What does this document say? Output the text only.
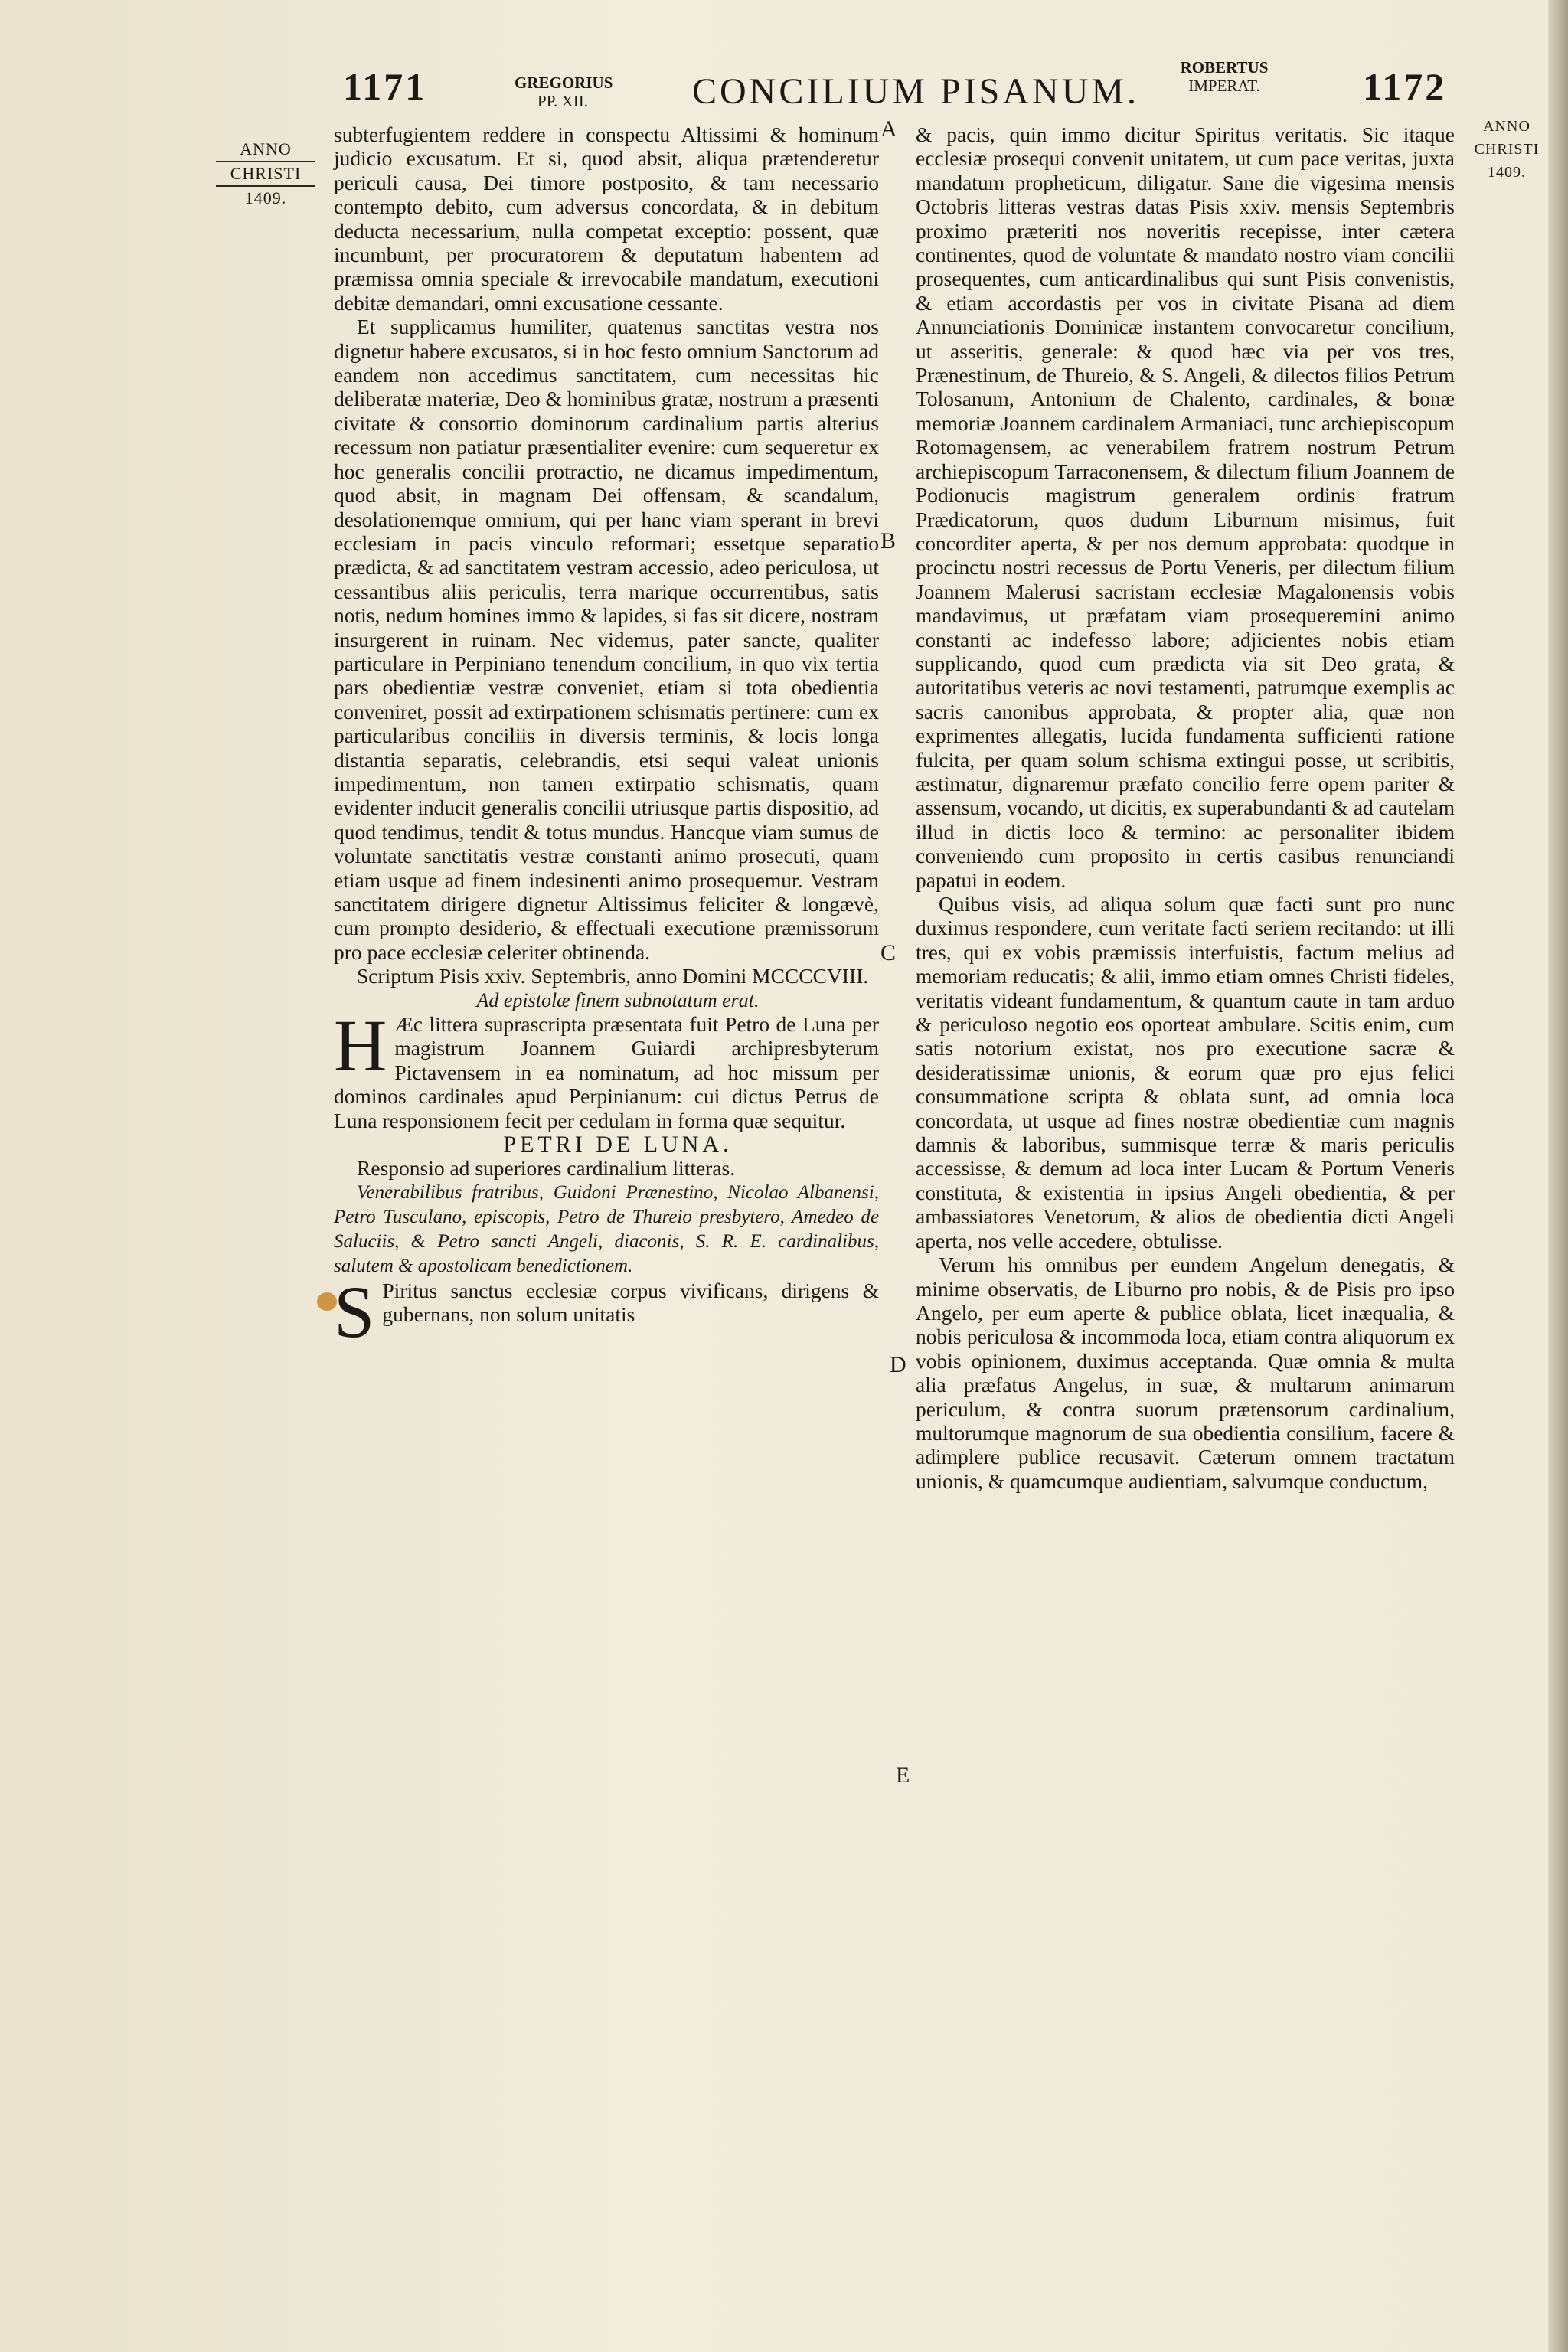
1171	GREGORIUS
PP. XII.	CONCILIUM PISANUM.
ROBERTUS
IMPERAT.	1172
ANNO
CHRISTI
1409.
ANNO
CHRISTI
1409.
A
B
C
D
E

subterfugientem reddere in conspectu Altissimi & hominum judicio excusatum. Et si, quod absit, aliqua prætenderetur periculi causa, Dei timore postposito, & tam necessario contempto debito, cum adversus concordata, & in debitum deducta necessarium, nulla competat exceptio: possent, quæ incumbunt, per procuratorem & deputatum habentem ad præmissa omnia speciale & irrevocabile mandatum, executioni debitæ demandari, omni excusatione cessante.

Et supplicamus humiliter, quatenus sanctitas vestra nos dignetur habere excusatos, si in hoc festo omnium Sanctorum ad eandem non accedimus sanctitatem, cum necessitas hic deliberatæ materiæ, Deo & hominibus gratæ, nostrum a præsenti civitate & consortio dominorum cardinalium partis alterius recessum non patiatur præsentialiter evenire: cum sequeretur ex hoc generalis concilii protractio, ne dicamus impedimentum, quod absit, in magnam Dei offensam, & scandalum, desolationemque omnium, qui per hanc viam sperant in brevi ecclesiam in pacis vinculo reformari; essetque separatio prædicta, & ad sanctitatem vestram accessio, adeo periculosa, ut cessantibus aliis periculis, terra marique occurrentibus, satis notis, nedum homines immo & lapides, si fas sit dicere, nostram insurgerent in ruinam. Nec videmus, pater sancte, qualiter particulare in Perpiniano tenendum concilium, in quo vix tertia pars obedientiæ vestræ conveniet, etiam si tota obedientia conveniret, possit ad extirpationem schismatis pertinere: cum ex particularibus conciliis in diversis terminis, & locis longa distantia separatis, celebrandis, etsi sequi valeat unionis impedimentum, non tamen extirpatio schismatis, quam evidenter inducit generalis concilii utriusque partis dispositio, ad quod tendimus, tendit & totus mundus. Hancque viam sumus de voluntate sanctitatis vestræ constanti animo prosecuti, quam etiam usque ad finem indesinenti animo prosequemur. Vestram sanctitatem dirigere dignetur Altissimus feliciter & longævè, cum prompto desiderio, & effectuali executione præmissorum pro pace ecclesiæ celeriter obtinenda.

Scriptum Pisis xxiv. Septembris, anno Domini MCCCCVIII.

Ad epistolæ finem subnotatum erat.

H Æc littera suprascripta præsentata fuit Petro de Luna per magistrum Joannem Guiardi archipresbyterum Pictavensem in ea nominatum, ad hoc missum per dominos cardinales apud Perpinianum: cui dictus Petrus de Luna responsionem fecit per cedulam in forma quæ sequitur.

PETRI DE LUNA.

Responsio ad superiores cardinalium litteras.

Venerabilibus fratribus, Guidoni Prænestino, Nicolao Albanensi, Petro Tusculano, episcopis, Petro de Thureio presbytero, Amedeo de Saluciis, & Petro sancti Angeli, diaconis, S. R. E. cardinalibus, salutem & apostolicam benedictionem.

S Piritus sanctus ecclesiæ corpus vivificans, dirigens & gubernans, non solum unitatis

& pacis, quin immo dicitur Spiritus veritatis. Sic itaque ecclesiæ prosequi convenit unitatem, ut cum pace veritas, juxta mandatum propheticum, diligatur. Sane die vigesima mensis Octobris litteras vestras datas Pisis xxiv. mensis Septembris proximo præteriti nos noveritis recepisse, inter cætera continentes, quod de voluntate & mandato nostro viam concilii prosequentes, cum anticardinalibus qui sunt Pisis convenistis, & etiam accordastis per vos in civitate Pisana ad diem Annunciationis Dominicæ instantem convocaretur concilium, ut asseritis, generale: & quod hæc via per vos tres, Prænestinum, de Thureio, & S. Angeli, & dilectos filios Petrum Tolosanum, Antonium de Chalento, cardinales, & bonæ memoriæ Joannem cardinalem Armaniaci, tunc archiepiscopum Rotomagensem, ac venerabilem fratrem nostrum Petrum archiepiscopum Tarraconensem, & dilectum filium Joannem de Podionucis magistrum generalem ordinis fratrum Prædicatorum, quos dudum Liburnum misimus, fuit concorditer aperta, & per nos demum approbata: quodque in procinctu nostri recessus de Portu Veneris, per dilectum filium Joannem Malerusi sacristam ecclesiæ Magalonensis vobis mandavimus, ut præfatam viam prosequeremini animo constanti ac indefesso labore; adjicientes nobis etiam supplicando, quod cum prædicta via sit Deo grata, & autoritatibus veteris ac novi testamenti, patrumque exemplis ac sacris canonibus approbata, & propter alia, quæ non exprimentes allegatis, lucida fundamenta sufficienti ratione fulcita, per quam solum schisma extingui posse, ut scribitis, æstimatur, dignaremur præfato concilio ferre opem pariter & assensum, vocando, ut dicitis, ex superabundanti & ad cautelam illud in dictis loco & termino: ac personaliter ibidem conveniendo cum proposito in certis casibus renunciandi papatui in eodem.

Quibus visis, ad aliqua solum quæ facti sunt pro nunc duximus respondere, cum veritate facti seriem recitando: ut illi tres, qui ex vobis præmissis interfuistis, factum melius ad memoriam reducatis; & alii, immo etiam omnes Christi fideles, veritatis videant fundamentum, & quantum caute in tam arduo & periculoso negotio eos oporteat ambulare. Scitis enim, cum satis notorium existat, nos pro executione sacræ & desideratissimæ unionis, & eorum quæ pro ejus felici consummatione scripta & oblata sunt, ad omnia loca concordata, ut usque ad fines nostræ obedientiæ cum magnis damnis & laboribus, summisque terræ & maris periculis accessisse, & demum ad loca inter Lucam & Portum Veneris constituta, & existentia in ipsius Angeli obedientia, & per ambassiatores Venetorum, & alios de obedientia dicti Angeli aperta, nos velle accedere, obtulisse.

Verum his omnibus per eundem Angelum denegatis, & minime observatis, de Liburno pro nobis, & de Pisis pro ipso Angelo, per eum aperte & publice oblata, licet inæqualia, & nobis periculosa & incommoda loca, etiam contra aliquorum ex vobis opinionem, duximus acceptanda. Quæ omnia & multa alia præfatus Angelus, in suæ, & multarum animarum periculum, & contra suorum prætensorum cardinalium, multorumque magnorum de sua obedientia consilium, facere & adimplere publice recusavit. Cæterum omnem tractatum unionis, & quamcumque audientiam, salvumque conductum,
